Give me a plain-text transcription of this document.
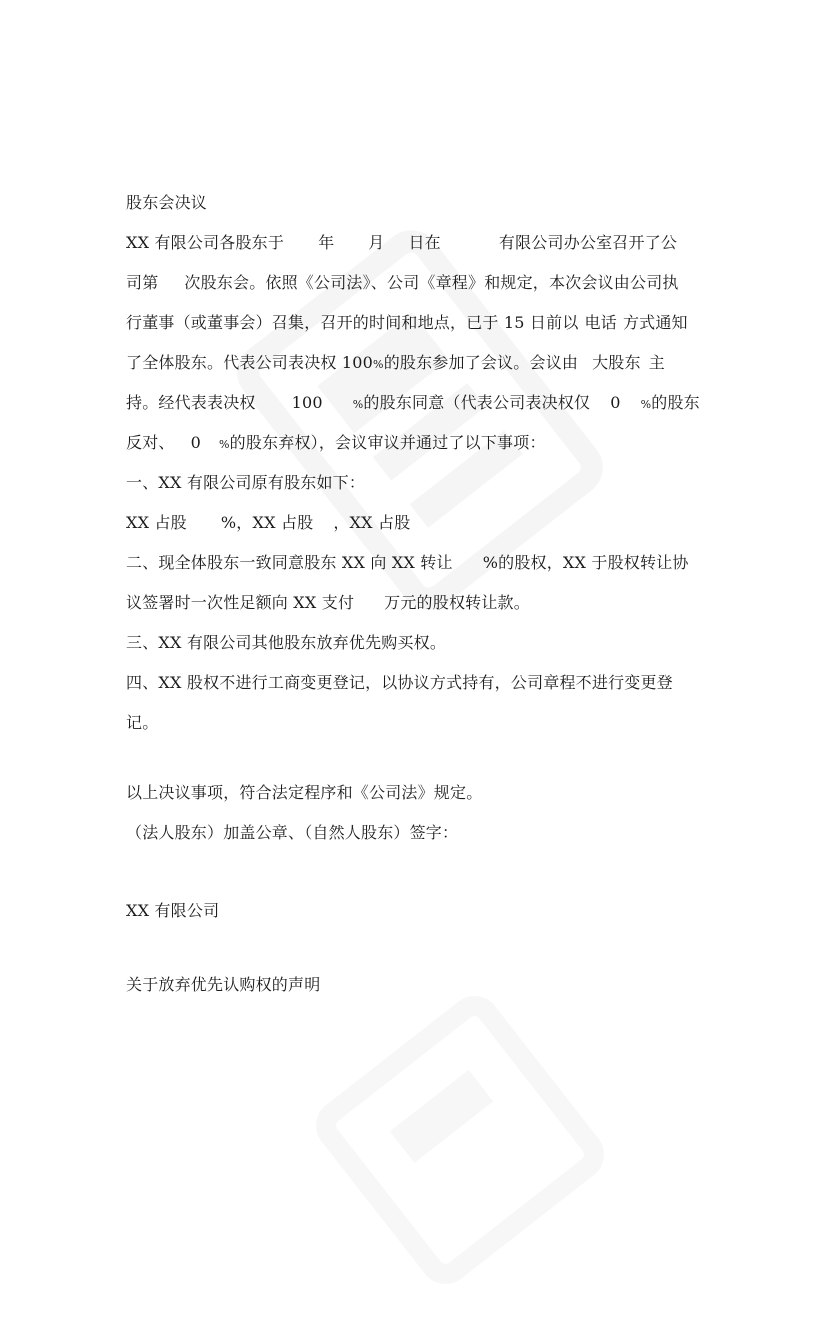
股东会决议
XX 有限公司各股东于 年 月 日在	有限公司办公室召开了公
司第 次股东会。依照《公司法》、公司《章程》和规定，本次会议由公司执
行董事（或董事会）召集，召开的时间和地点，已于 15 日前以 电话 方式通知
了全体股东。代表公司表决权 100%的股东参加了会议。会议由 大股东 主
持。经代表表决权 100	%的股东同意（代表公司表决权仅 0 %的股东
反对、 0 %的股东弃权），会议审议并通过了以下事项：
一、XX 有限公司原有股东如下：
XX 占股 %，XX 占股 ，XX 占股
二、现全体股东一致同意股东 XX 向 XX 转让 %的股权，XX 于股权转让协
议签署时一次性足额向 XX 支付 万元的股权转让款。
三、XX 有限公司其他股东放弃优先购买权。
四、XX 股权不进行工商变更登记，以协议方式持有，公司章程不进行变更登
记。
以上决议事项，符合法定程序和《公司法》规定。
（法人股东）加盖公章、（自然人股东）签字：
XX 有限公司
关于放弃优先认购权的声明
